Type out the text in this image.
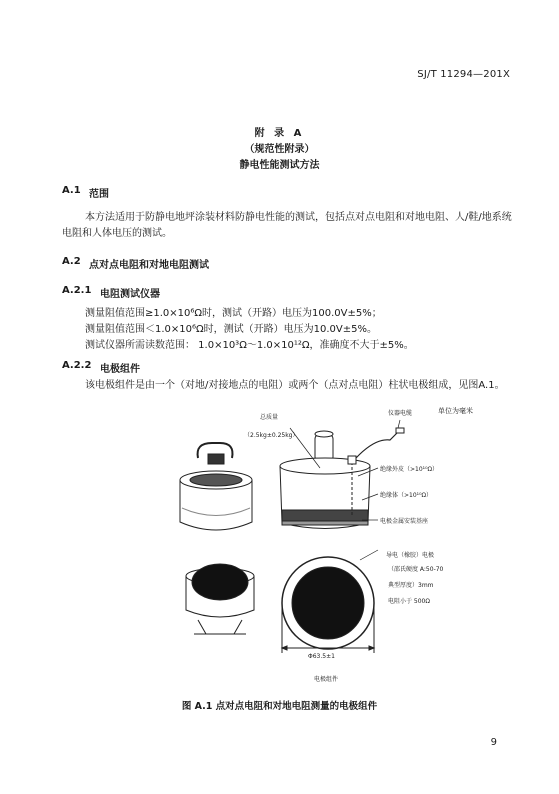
SJ/T 11294—201X
附 录 A
（规范性附录）
静电性能测试方法
A.1 范围
本方法适用于防静电地坪涂装材料防静电性能的测试，包括点对点电阻和对地电阻、人/鞋/地系统
电阻和人体电压的测试。
A.2 点对点电阻和对地电阻测试
A.2.1 电阻测试仪器
测量阻值范围≥1.0×10⁶Ω时，测试（开路）电压为100.0V±5%；
测量阻值范围＜1.0×10⁶Ω时，测试（开路）电压为10.0V±5%。
测试仪器所需读数范围： 1.0×10³Ω～1.0×10¹²Ω，准确度不大于±5%。
A.2.2 电极组件
该电极组件是由一个（对地/对接地点的电阻）或两个（点对点电阻）柱状电极组成，见图A.1。
总质量
（2.5kg±0.25kg）
仪器电缆	单位为毫米
绝缘外皮（>10¹⁰Ω）
绝缘体（>10¹⁰Ω）
电极金属安装基座
导电（橡胶）电极
（邵氏硬度 A:50-70
典型厚度）3mm
电阻小于 500Ω
Φ63.5±1
电极组件
图 A.1 点对点电阻和对地电阻测量的电极组件
9
